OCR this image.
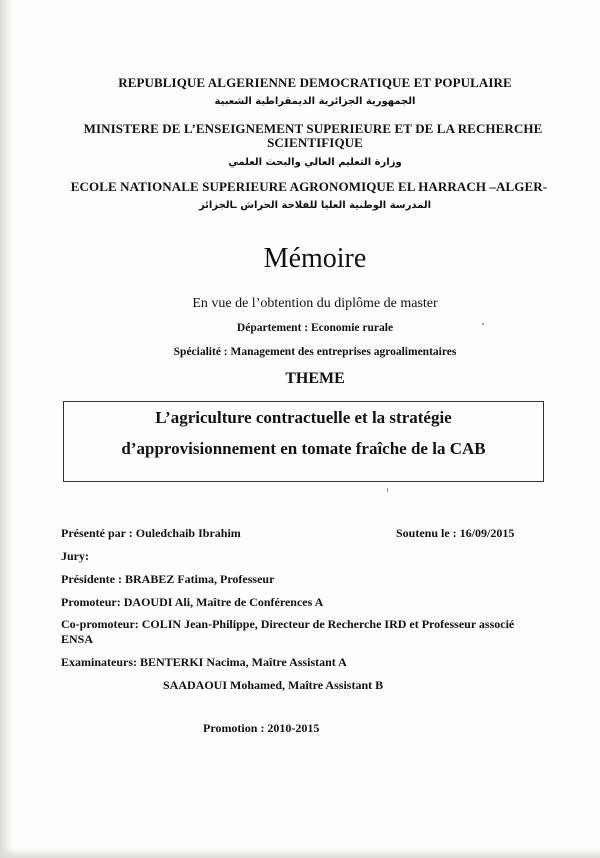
REPUBLIQUE ALGERIENNE DEMOCRATIQUE ET POPULAIRE
الجمهورية الجزائرية الديمقراطية الشعبية
MINISTERE DE L’ENSEIGNEMENT SUPERIEURE ET DE LA RECHERCHE
SCIENTIFIQUE
وزارة التعليم العالي والبحث العلمي
ECOLE NATIONALE SUPERIEURE AGRONOMIQUE EL HARRACH –ALGER-
المدرسة الوطنية العليا للفلاحة الحراش ـالجزائر
Mémoire
En vue de l’obtention du diplôme de master
Département : Economie rurale
Spécialité : Management des entreprises agroalimentaires
THEME
L’agriculture contractuelle et la stratégie
d’approvisionnement en tomate fraîche de la CAB
Présenté par : Ouledchaib Ibrahim	Soutenu le : 16/09/2015
Jury:
Présidente : BRABEZ Fatima, Professeur
Promoteur: DAOUDI Ali, Maître de Conférences A
Co-promoteur: COLIN Jean-Philippe, Directeur de Recherche IRD et Professeur associé
ENSA
Examinateurs: BENTERKI Nacima, Maître Assistant A
SAADAOUI Mohamed, Maître Assistant B
Promotion : 2010-2015
